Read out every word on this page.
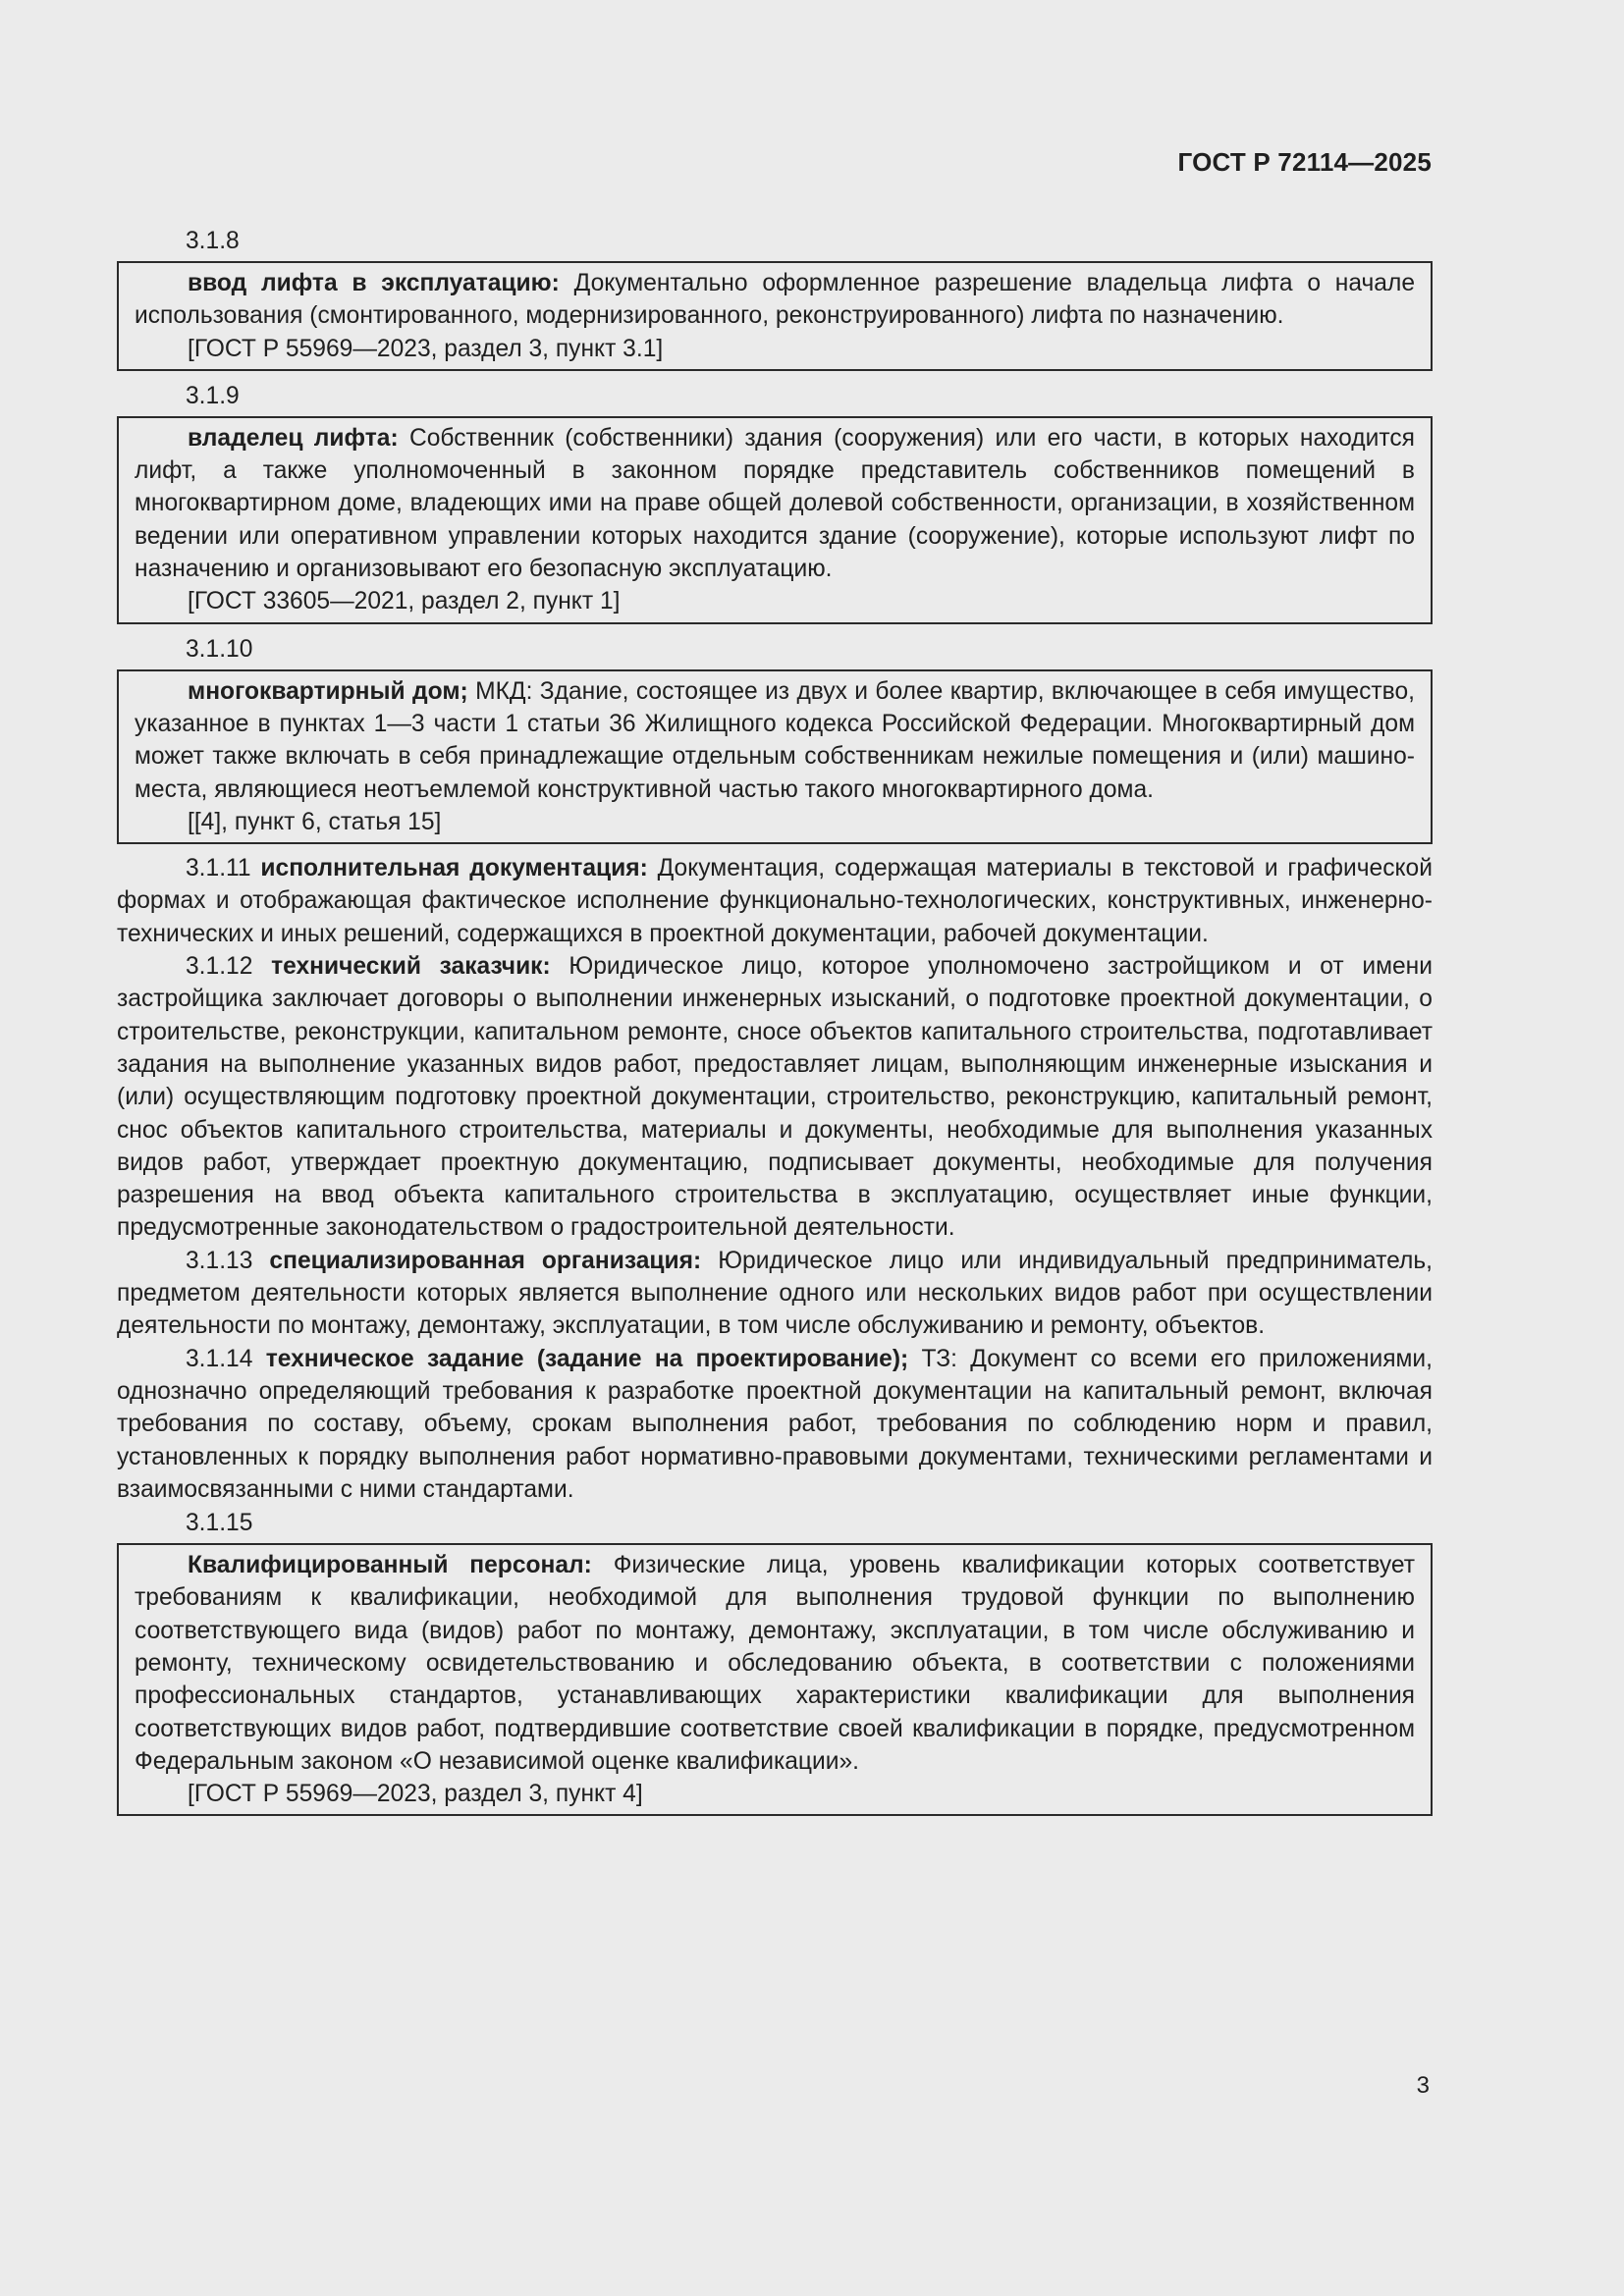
ГОСТ Р 72114—2025
3.1.8

ввод лифта в эксплуатацию: Документально оформленное разрешение владельца лифта о начале использования (смонтированного, модернизированного, реконструированного) лифта по назначению.

[ГОСТ Р 55969—2023, раздел 3, пункт 3.1]

3.1.9

владелец лифта: Собственник (собственники) здания (сооружения) или его части, в которых находится лифт, а также уполномоченный в законном порядке представитель собственников помещений в многоквартирном доме, владеющих ими на праве общей долевой собственности, организации, в хозяйственном ведении или оперативном управлении которых находится здание (сооружение), которые используют лифт по назначению и организовывают его безопасную эксплуатацию.

[ГОСТ 33605—2021, раздел 2, пункт 1]

3.1.10

многоквартирный дом; МКД: Здание, состоящее из двух и более квартир, включающее в себя имущество, указанное в пунктах 1—3 части 1 статьи 36 Жилищного кодекса Российской Федерации. Многоквартирный дом может также включать в себя принадлежащие отдельным собственникам нежилые помещения и (или) машино-места, являющиеся неотъемлемой конструктивной частью такого многоквартирного дома.

[[4], пункт 6, статья 15]

3.1.11 исполнительная документация: Документация, содержащая материалы в текстовой и графической формах и отображающая фактическое исполнение функционально-технологических, конструктивных, инженерно-технических и иных решений, содержащихся в проектной документации, рабочей документации.

3.1.12 технический заказчик: Юридическое лицо, которое уполномочено застройщиком и от имени застройщика заключает договоры о выполнении инженерных изысканий, о подготовке проектной документации, о строительстве, реконструкции, капитальном ремонте, сносе объектов капитального строительства, подготавливает задания на выполнение указанных видов работ, предоставляет лицам, выполняющим инженерные изыскания и (или) осуществляющим подготовку проектной документации, строительство, реконструкцию, капитальный ремонт, снос объектов капитального строительства, материалы и документы, необходимые для выполнения указанных видов работ, утверждает проектную документацию, подписывает документы, необходимые для получения разрешения на ввод объекта капитального строительства в эксплуатацию, осуществляет иные функции, предусмотренные законодательством о градостроительной деятельности.

3.1.13 специализированная организация: Юридическое лицо или индивидуальный предприниматель, предметом деятельности которых является выполнение одного или нескольких видов работ при осуществлении деятельности по монтажу, демонтажу, эксплуатации, в том числе обслуживанию и ремонту, объектов.

3.1.14 техническое задание (задание на проектирование); ТЗ: Документ со всеми его приложениями, однозначно определяющий требования к разработке проектной документации на капитальный ремонт, включая требования по составу, объему, срокам выполнения работ, требования по соблюдению норм и правил, установленных к порядку выполнения работ нормативно-правовыми документами, техническими регламентами и взаимосвязанными с ними стандартами.

3.1.15

Квалифицированный персонал: Физические лица, уровень квалификации которых соответствует требованиям к квалификации, необходимой для выполнения трудовой функции по выполнению соответствующего вида (видов) работ по монтажу, демонтажу, эксплуатации, в том числе обслуживанию и ремонту, техническому освидетельствованию и обследованию объекта, в соответствии с положениями профессиональных стандартов, устанавливающих характеристики квалификации для выполнения соответствующих видов работ, подтвердившие соответствие своей квалификации в порядке, предусмотренном Федеральным законом «О независимой оценке квалификации».

[ГОСТ Р 55969—2023, раздел 3, пункт 4]

3
